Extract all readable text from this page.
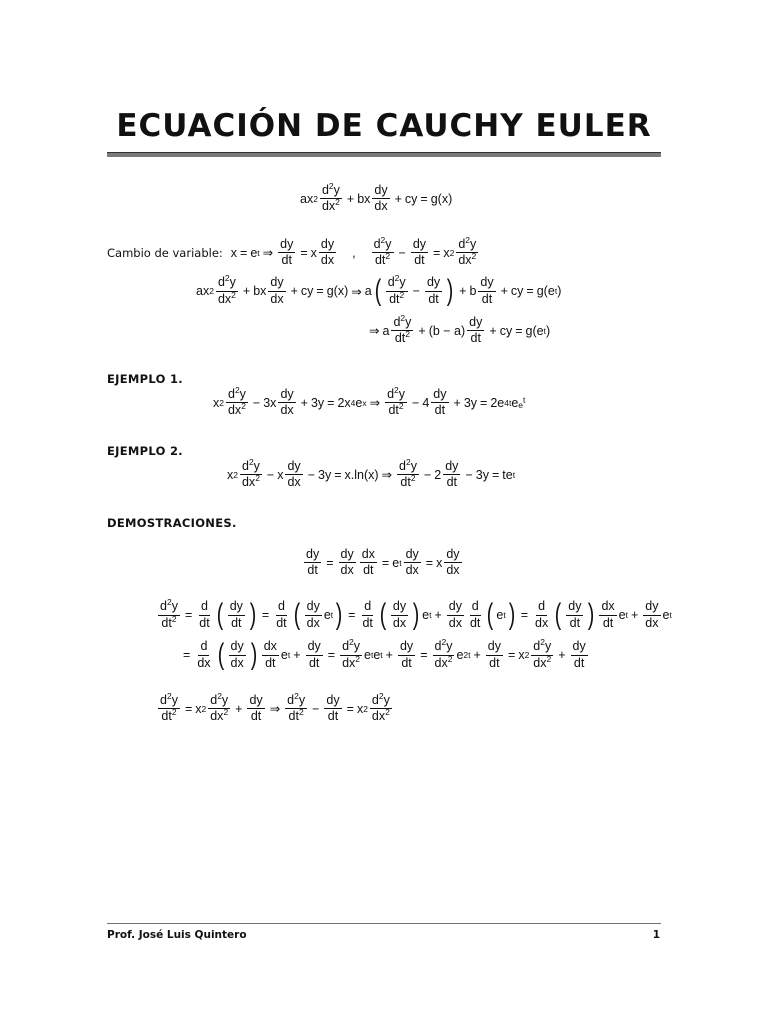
ECUACIÓN DE CAUCHY EULER
ax $2 \frac{d^2y}{dx^2}$ + bx $\frac{dy}{dx}$ + cy = g(x)
Cambio de variable: x = e t ⇒ $\frac{dy}{dt} = x \frac{dy}{dx}$ , $\frac{d^2y}{dt^2} - \frac{dy}{dt} = x$ $2 \frac{d^2y}{dx^2}$
ax $2 \frac{d^2y}{dx^2}$ + bx $\frac{dy}{dx}$ + cy = g(x) ⇒ a ( $\frac{d^2y}{dt^2} - \frac{dy}{dt}$ ) + b $\frac{dy}{dt}$ + cy = g(e t )
⇒ a $\frac{d^2y}{dt^2} + (b - a) \frac{dy}{dt}$ + cy = g(e t )
EJEMPLO 1.
x $2 \frac{d^2y}{dx^2} - 3x \frac{dy}{dx} + 3y = 2x$ 4 e x ⇒ $\frac{d^2y}{dt^2} - 4 \frac{dy}{dt} + 3y = 2e$ 4t e $e^t$
EJEMPLO 2.
x $2 \frac{d^2y}{dx^2} - x \frac{dy}{dx} - 3y = x.\ln(x)$ ⇒ $\frac{d^2y}{dt^2} - 2 \frac{dy}{dt} - 3y$ = te t
DEMOSTRACIONES.
$\frac{dy}{dt} = \frac{dy}{dx} \frac{dx}{dt} = e$ t $\frac{dy}{dx} = x \frac{dy}{dx}$
$\frac{d^2y}{dt^2} = \frac{d}{dt}$ ( $\frac{dy}{dt}$ ) = $\frac{d}{dt}$ ( $\frac{dy}{dx}$ e t ) = $\frac{d}{dt}$ ( $\frac{dy}{dx}$ ) e $t + \frac{dy}{dx} \frac{d}{dt}$ ( e t ) = $\frac{d}{dx}$ ( $\frac{dy}{dt}$ ) $\frac{dx}{dt}$ e $t + \frac{dy}{dx}$ e t
= $\frac{d}{dx}$ ( $\frac{dy}{dx}$ ) $\frac{dx}{dt}$ e $t + \frac{dy}{dt} = \frac{d^2y}{dx^2}$ e t e $t + \frac{dy}{dt} = \frac{d^2y}{dx^2}$ e $2t + \frac{dy}{dt} = x$ $2 \frac{d^2y}{dx^2} + \frac{dy}{dt}$
$\frac{d^2y}{dt^2} = x$ $2 \frac{d^2y}{dx^2} + \frac{dy}{dt}$ ⇒ $\frac{d^2y}{dt^2} - \frac{dy}{dt} = x$ $2 \frac{d^2y}{dx^2}$
Prof. José Luis Quintero	1
